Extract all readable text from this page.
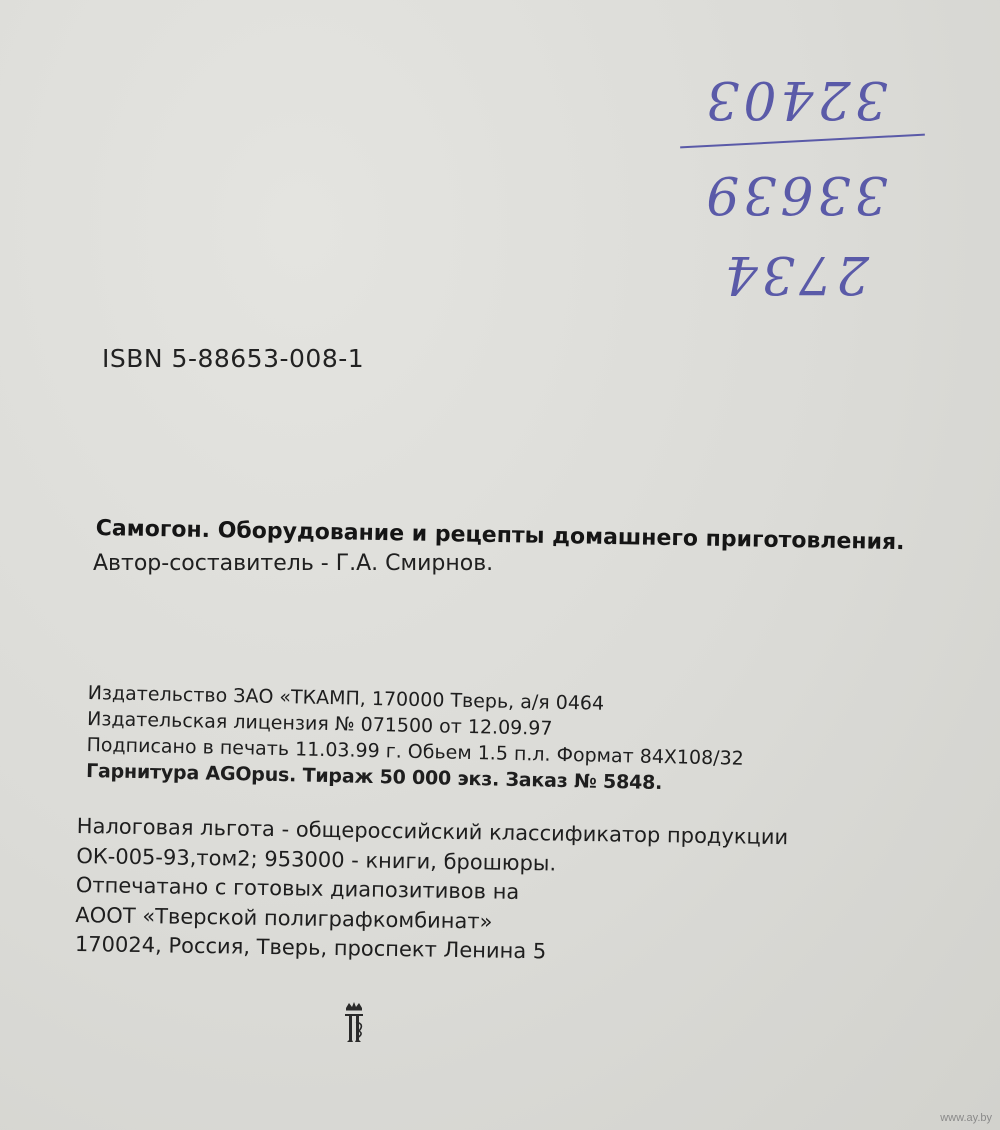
2734
33639
32403
ISBN 5-88653-008-1
Самогон. Оборудование и рецепты домашнего приготовления.
Автор-составитель - Г.А. Смирнов.
Издательство ЗАО «ТКАМП, 170000 Тверь, а/я 0464
Издательская лицензия № 071500 от 12.09.97
Подписано в печать 11.03.99 г. Обьем 1.5 п.л. Формат 84Х108/32
Гарнитура AGOpus. Тираж 50 000 экз. Заказ № 5848.
Налоговая льгота - общероссийский классификатор продукции
ОК-005-93,том2; 953000 - книги, брошюры.
Отпечатано с готовых диапозитивов на
АООТ «Тверской полиграфкомбинат»
170024, Россия, Тверь, проспект Ленина 5
www.ay.by
